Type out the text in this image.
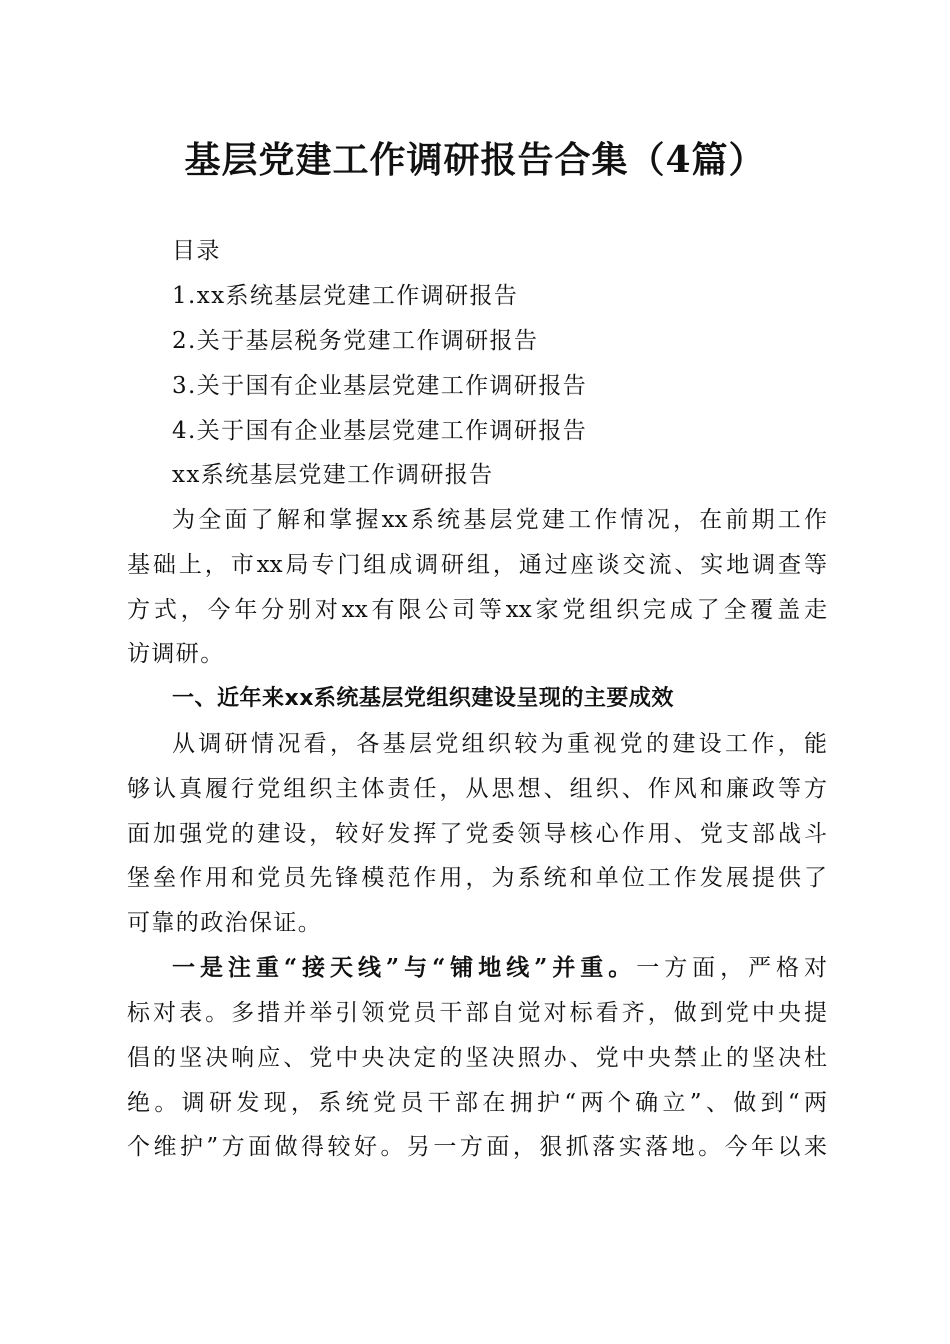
基层党建工作调研报告合集（4篇）
目录
1.xx系统基层党建工作调研报告
2.关于基层税务党建工作调研报告
3.关于国有企业基层党建工作调研报告
4.关于国有企业基层党建工作调研报告
xx系统基层党建工作调研报告
为全面了解和掌握xx系统基层党建工作情况，在前期工作
基础上，市xx局专门组成调研组，通过座谈交流、实地调查等
方式，今年分别对xx有限公司等xx家党组织完成了全覆盖走
访调研。
一、近年来xx系统基层党组织建设呈现的主要成效
从调研情况看，各基层党组织较为重视党的建设工作，能
够认真履行党组织主体责任，从思想、组织、作风和廉政等方
面加强党的建设，较好发挥了党委领导核心作用、党支部战斗
堡垒作用和党员先锋模范作用，为系统和单位工作发展提供了
可靠的政治保证。
一是注重“接天线”与“铺地线”并重。一方面，严格对
标对表。多措并举引领党员干部自觉对标看齐，做到党中央提
倡的坚决响应、党中央决定的坚决照办、党中央禁止的坚决杜
绝。调研发现，系统党员干部在拥护“两个确立”、做到“两
个维护”方面做得较好。另一方面，狠抓落实落地。今年以来
